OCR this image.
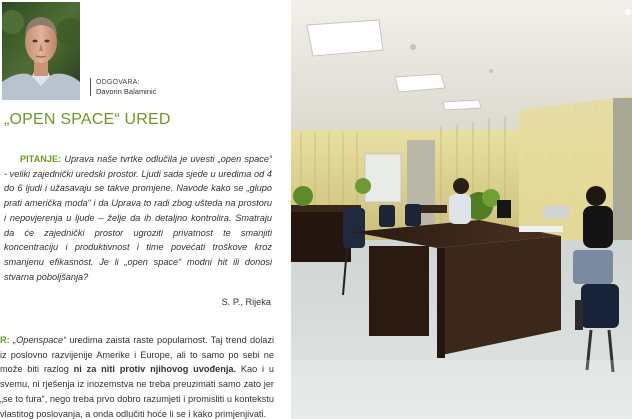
ODGOVARA:
Davorin Balaminić
„OPEN SPACE“ URED

PITANJE: Uprava naše tvrtke odlučila je uvesti „open space“ - veliki zajednički uredski prostor. Ljudi sada sjede u uredima od 4 do 6 ljudi i užasavaju se takve promjene. Navode kako se „glupo prati američka moda“ i da Uprava to radi zbog ušteda na prostoru i nepovjerenja u ljude – želje da ih detaljno kontrolira. Smatraju da će zajednički prostor ugroziti privatnost te smanjiti koncentraciju i produktivnost i time povećati troškove kroz smanjenu efikasnost. Je li „open space“ modni hit ili donosi stvarna poboljšanja?

S. P., Rijeka

R: „Openspace“ uredima zaista raste popularnost. Taj trend dolazi iz poslovno razvijenije Amerike i Europe, ali to samo po sebi ne može biti razlog ni za niti protiv njihovog uvođenja. Kao i u svemu, ni rješenja iz inozemstva ne treba preuzimati samo zato jer „se to fura“, nego treba prvo dobro razumjeti i promisliti u kontekstu vlastitog poslovanja, a onda odlučiti hoće li se i kako primjenjivati.
